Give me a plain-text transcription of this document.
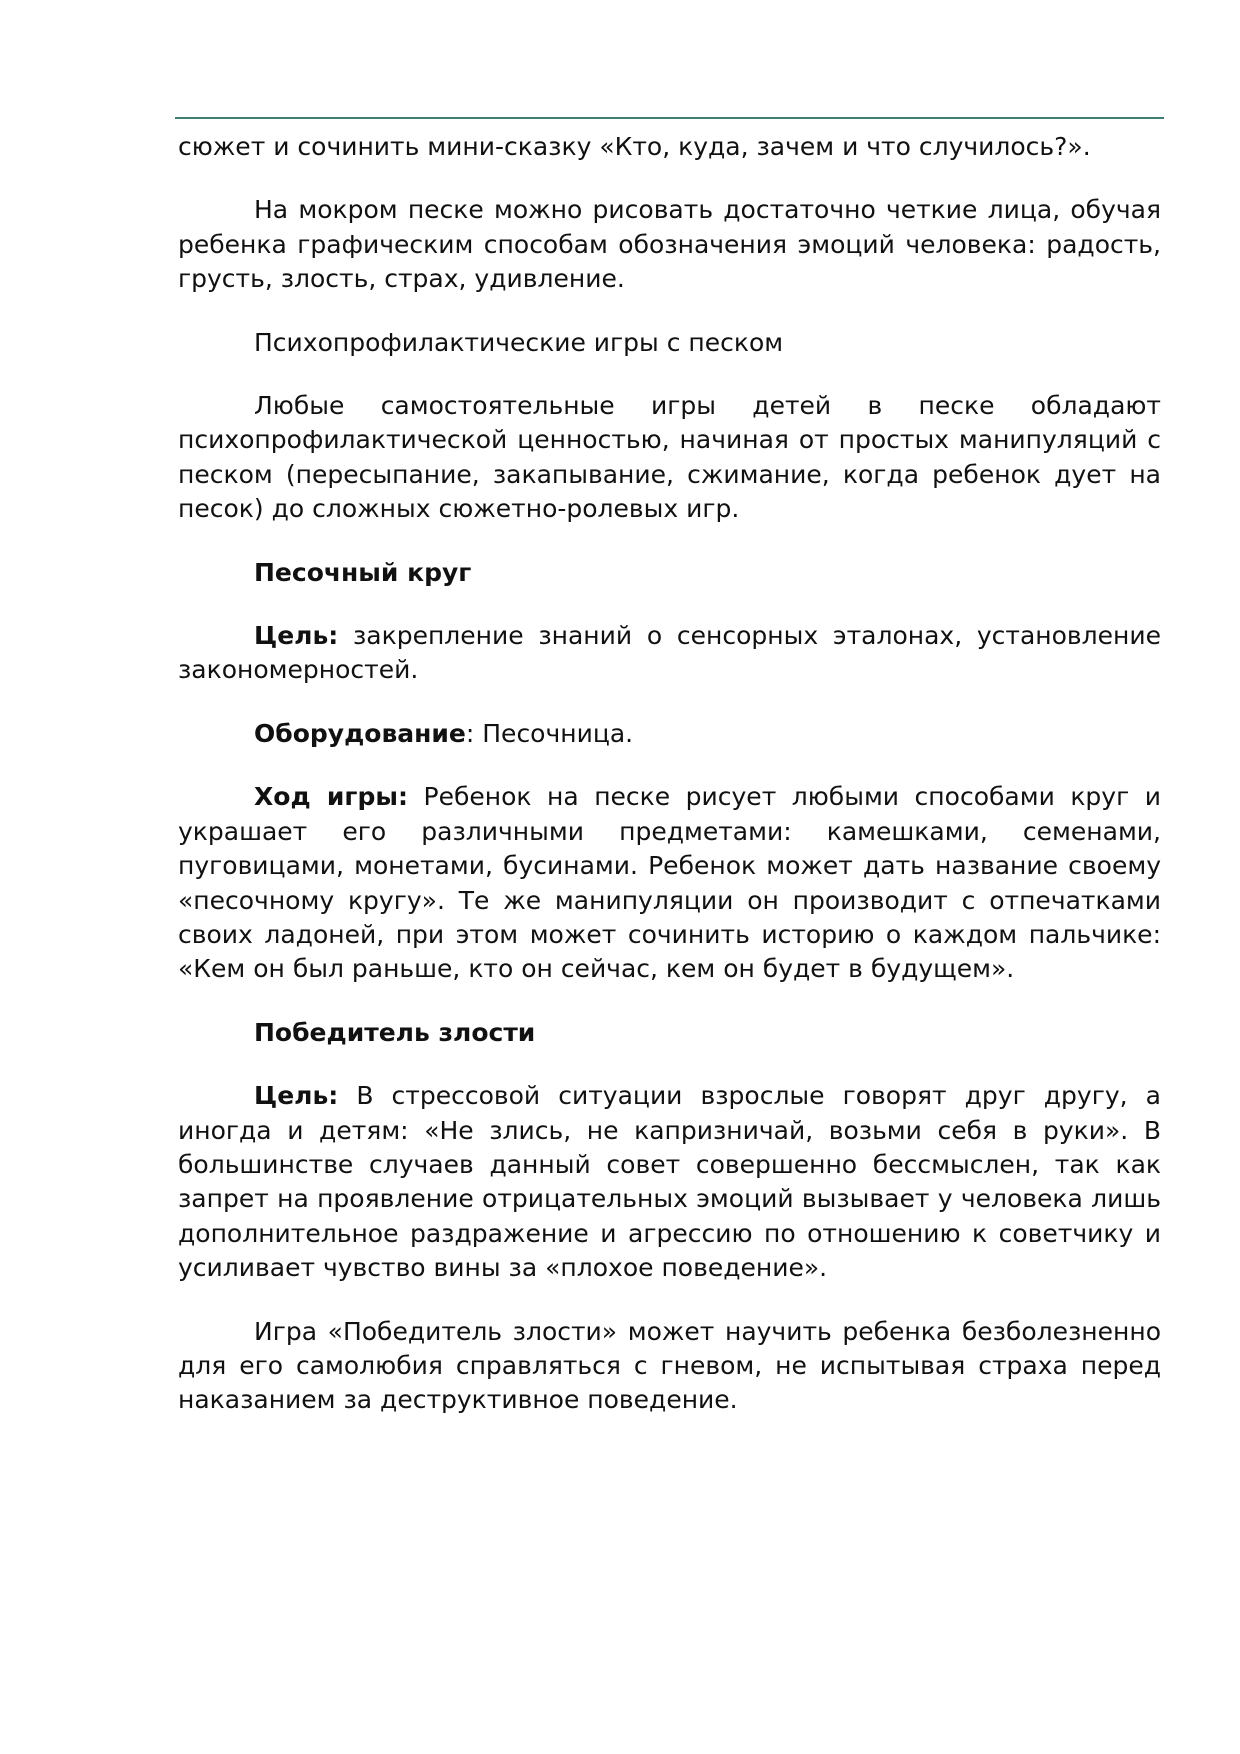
сюжет и сочинить мини-сказку «Кто, куда, зачем и что случилось?».

На мокром песке можно рисовать достаточно четкие лица, обучая ребенка графическим способам обозначения эмоций человека: радость, грусть, злость, страх, удивление.

Психопрофилактические игры с песком

Любые самостоятельные игры детей в песке обладают психопрофилактической ценностью, начиная от простых манипуляций с песком (пересыпание, закапывание, сжимание, когда ребенок дует на песок) до сложных сюжетно-ролевых игр.

Песочный круг

Цель: закрепление знаний о сенсорных эталонах, установление закономерностей.

Оборудование: Песочница.

Ход игры: Ребенок на песке рисует любыми способами круг и украшает его различными предметами: камешками, семенами, пуговицами, монетами, бусинами. Ребенок может дать название своему «песочному кругу». Те же манипуляции он производит с отпечатками своих ладоней, при этом может сочинить историю о каждом пальчике: «Кем он был раньше, кто он сейчас, кем он будет в будущем».

Победитель злости

Цель: В стрессовой ситуации взрослые говорят друг другу, а иногда и детям: «Не злись, не капризничай, возьми себя в руки». В большинстве случаев данный совет совершенно бессмыслен, так как запрет на проявление отрицательных эмоций вызывает у человека лишь дополнительное раздражение и агрессию по отношению к советчику и усиливает чувство вины за «плохое поведение».

Игра «Победитель злости» может научить ребенка безболезненно для его самолюбия справляться с гневом, не испытывая страха перед наказанием за деструктивное поведение.
